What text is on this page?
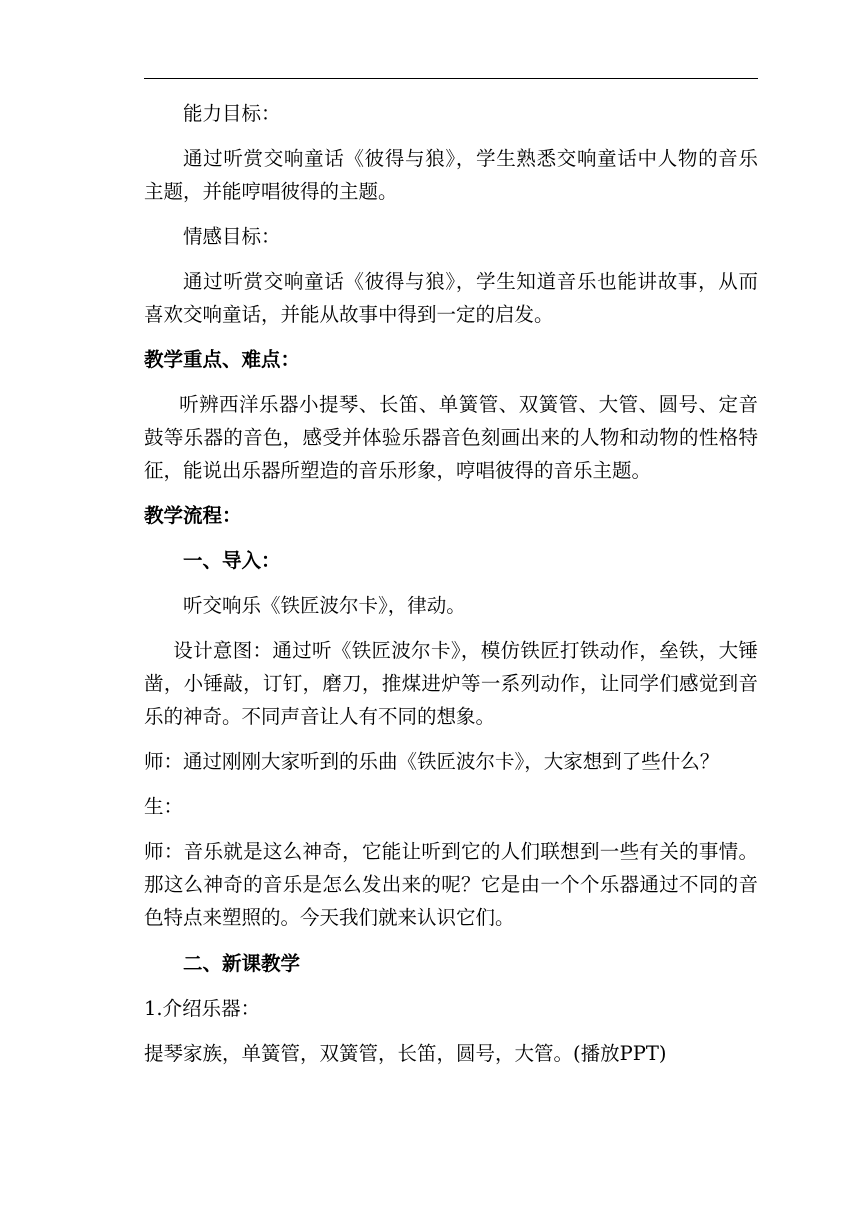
能力目标：

通过听赏交响童话《彼得与狼》，学生熟悉交响童话中人物的音乐主题，并能哼唱彼得的主题。

情感目标：

通过听赏交响童话《彼得与狼》，学生知道音乐也能讲故事，从而喜欢交响童话，并能从故事中得到一定的启发。

教学重点、难点：

听辨西洋乐器小提琴、长笛、单簧管、双簧管、大管、圆号、定音鼓等乐器的音色，感受并体验乐器音色刻画出来的人物和动物的性格特征，能说出乐器所塑造的音乐形象，哼唱彼得的音乐主题。

教学流程：

一、导入：

听交响乐《铁匠波尔卡》，律动。

设计意图：通过听《铁匠波尔卡》，模仿铁匠打铁动作，垒铁，大锤凿，小锤敲，订钉，磨刀，推煤进炉等一系列动作，让同学们感觉到音乐的神奇。不同声音让人有不同的想象。

师：通过刚刚大家听到的乐曲《铁匠波尔卡》，大家想到了些什么？

生：

师：音乐就是这么神奇，它能让听到它的人们联想到一些有关的事情。那这么神奇的音乐是怎么发出来的呢？它是由一个个乐器通过不同的音色特点来塑照的。今天我们就来认识它们。

二、新课教学

1.介绍乐器：

提琴家族，单簧管，双簧管，长笛，圆号，大管。(播放PPT)
